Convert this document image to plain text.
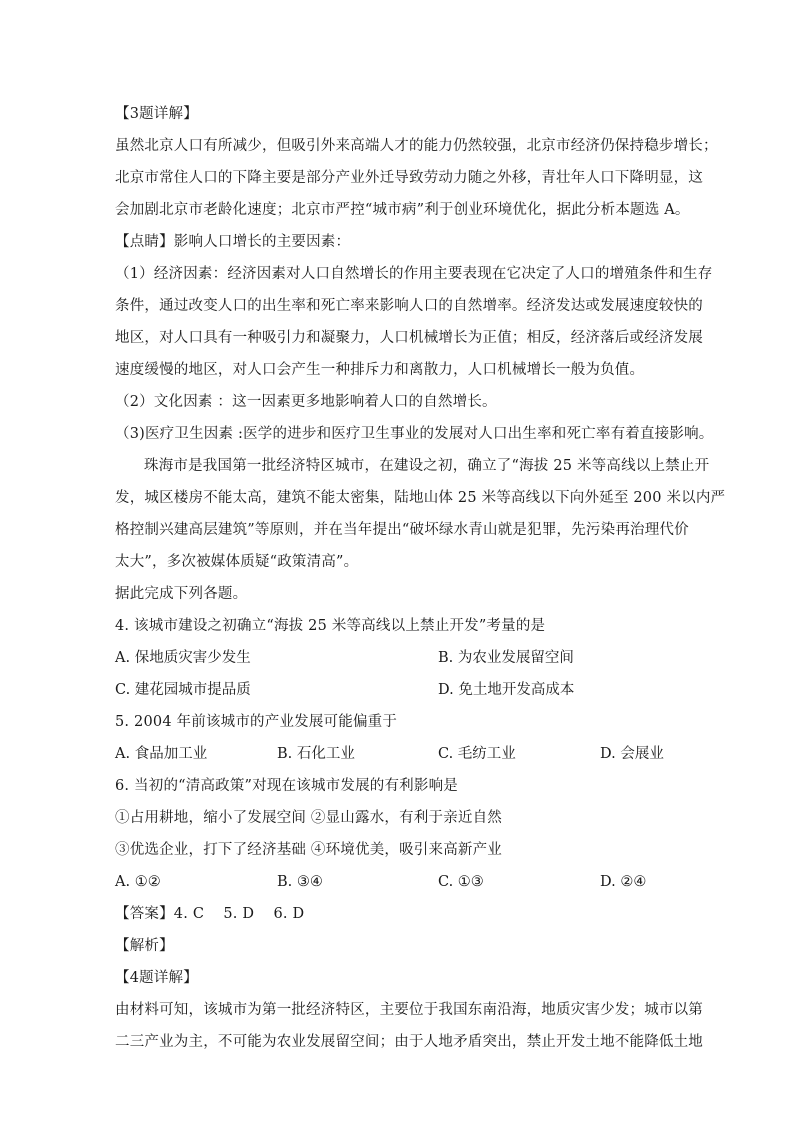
【3题详解】
虽然北京人口有所减少，但吸引外来高端人才的能力仍然较强，北京市经济仍保持稳步增长；
北京市常住人口的下降主要是部分产业外迁导致劳动力随之外移，青壮年人口下降明显，这
会加剧北京市老龄化速度；北京市严控“城市病”利于创业环境优化，据此分析本题选 A。
【点睛】影响人口增长的主要因素：
（1）经济因素：经济因素对人口自然增长的作用主要表现在它决定了人口的增殖条件和生存
条件，通过改变人口的出生率和死亡率来影响人口的自然增率。经济发达或发展速度较快的
地区，对人口具有一种吸引力和凝聚力，人口机械增长为正值；相反，经济落后或经济发展
速度缓慢的地区，对人口会产生一种排斥力和离散力，人口机械增长一般为负值。
（2）文化因素 ：这一因素更多地影响着人口的自然增长。
（3)医疗卫生因素 :医学的进步和医疗卫生事业的发展对人口出生率和死亡率有着直接影响。
珠海市是我国第一批经济特区城市，在建设之初，确立了“海拔 25 米等高线以上禁止开
发，城区楼房不能太高，建筑不能太密集，陆地山体 25 米等高线以下向外延至 200 米以内严
格控制兴建高层建筑”等原则，并在当年提出“破坏绿水青山就是犯罪，先污染再治理代价
太大”，多次被媒体质疑“政策清高”。
据此完成下列各题。
4. 该城市建设之初确立“海拔 25 米等高线以上禁止开发”考量的是
A. 保地质灾害少发生	B. 为农业发展留空间
C. 建花园城市提品质	D. 免土地开发高成本
5. 2004 年前该城市的产业发展可能偏重于
A. 食品加工业	B. 石化工业	C. 毛纺工业	D. 会展业
6. 当初的“清高政策”对现在该城市发展的有利影响是
①占用耕地，缩小了发展空间 ②显山露水，有利于亲近自然
③优选企业，打下了经济基础 ④环境优美，吸引来高新产业
A. ①②	B. ③④	C. ①③	D. ②④
【答案】4. C    5. D    6. D
【解析】
【4题详解】
由材料可知，该城市为第一批经济特区，主要位于我国东南沿海，地质灾害少发；城市以第
二三产业为主，不可能为农业发展留空间；由于人地矛盾突出，禁止开发土地不能降低土地
